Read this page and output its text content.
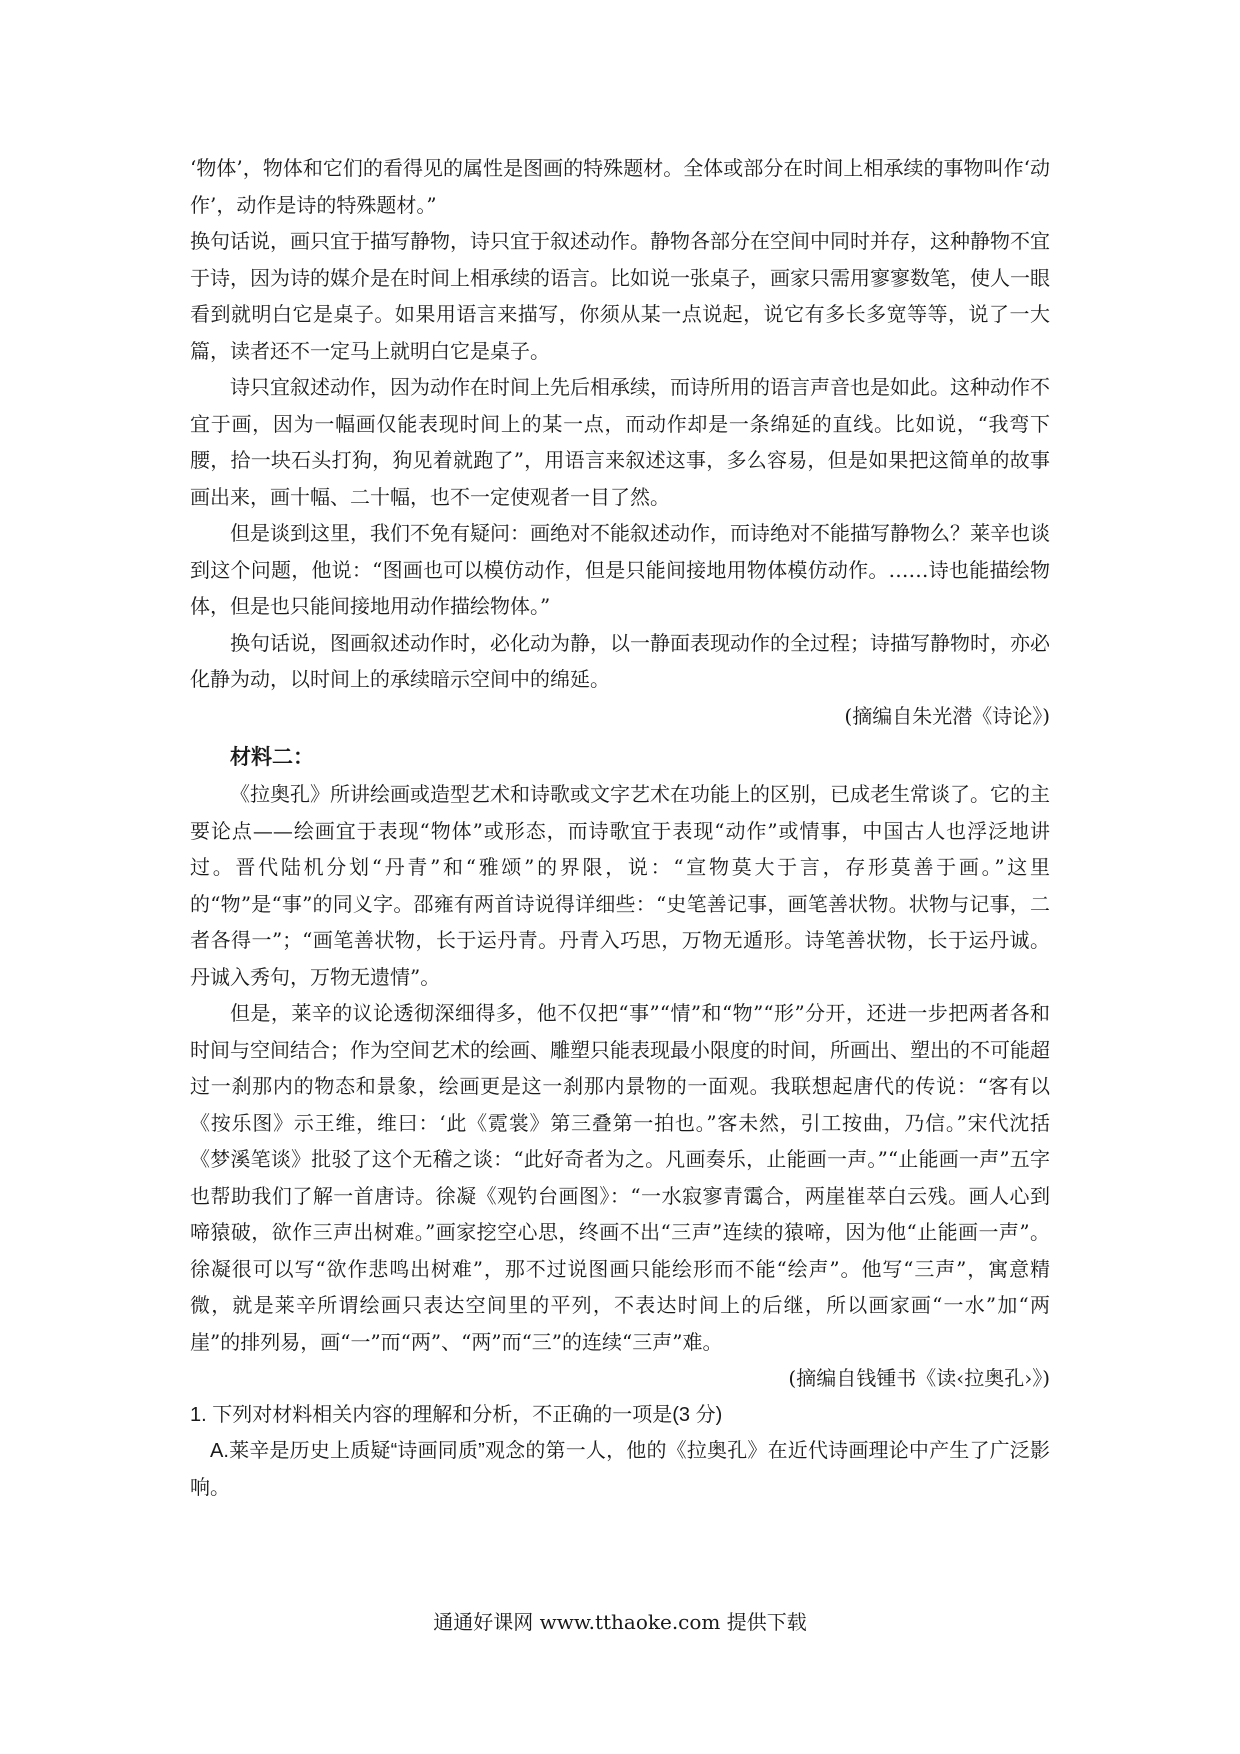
‘物体’，物体和它们的看得见的属性是图画的特殊题材。全体或部分在时间上相承续的事物叫作‘动作’，动作是诗的特殊题材。”

换句话说，画只宜于描写静物，诗只宜于叙述动作。静物各部分在空间中同时并存，这种静物不宜于诗，因为诗的媒介是在时间上相承续的语言。比如说一张桌子，画家只需用寥寥数笔，使人一眼看到就明白它是桌子。如果用语言来描写，你须从某一点说起，说它有多长多宽等等，说了一大篇，读者还不一定马上就明白它是桌子。

诗只宜叙述动作，因为动作在时间上先后相承续，而诗所用的语言声音也是如此。这种动作不宜于画，因为一幅画仅能表现时间上的某一点，而动作却是一条绵延的直线。比如说，“我弯下腰，拾一块石头打狗，狗见着就跑了”，用语言来叙述这事，多么容易，但是如果把这简单的故事画出来，画十幅、二十幅，也不一定使观者一目了然。

但是谈到这里，我们不免有疑问：画绝对不能叙述动作，而诗绝对不能描写静物么？莱辛也谈到这个问题，他说：“图画也可以模仿动作，但是只能间接地用物体模仿动作。……诗也能描绘物体，但是也只能间接地用动作描绘物体。”

换句话说，图画叙述动作时，必化动为静，以一静面表现动作的全过程；诗描写静物时，亦必化静为动，以时间上的承续暗示空间中的绵延。

(摘编自朱光潜《诗论》)

材料二：

《拉奥孔》所讲绘画或造型艺术和诗歌或文字艺术在功能上的区别，已成老生常谈了。它的主要论点——绘画宜于表现“物体”或形态，而诗歌宜于表现“动作”或情事，中国古人也浮泛地讲过。晋代陆机分划“丹青”和“雅颂”的界限，说：“宣物莫大于言，存形莫善于画。”这里的“物”是“事”的同义字。邵雍有两首诗说得详细些：“史笔善记事，画笔善状物。状物与记事，二者各得一”；“画笔善状物，长于运丹青。丹青入巧思，万物无遁形。诗笔善状物，长于运丹诚。丹诚入秀句，万物无遗情”。

但是，莱辛的议论透彻深细得多，他不仅把“事”“情”和“物”“形”分开，还进一步把两者各和时间与空间结合；作为空间艺术的绘画、雕塑只能表现最小限度的时间，所画出、塑出的不可能超过一刹那内的物态和景象，绘画更是这一刹那内景物的一面观。我联想起唐代的传说：“客有以《按乐图》示王维，维曰：‘此《霓裳》第三叠第一拍也。”客未然，引工按曲，乃信。”宋代沈括《梦溪笔谈》批驳了这个无稽之谈：“此好奇者为之。凡画奏乐，止能画一声。”“止能画一声”五字也帮助我们了解一首唐诗。徐凝《观钓台画图》：“一水寂寥青霭合，两崖崔萃白云残。画人心到啼猿破，欲作三声出树难。”画家挖空心思，终画不出“三声”连续的猿啼，因为他“止能画一声”。徐凝很可以写“欲作悲鸣出树难”，那不过说图画只能绘形而不能“绘声”。他写“三声”，寓意精微，就是莱辛所谓绘画只表达空间里的平列，不表达时间上的后继，所以画家画“一水”加“两崖”的排列易，画“一”而“两”、“两”而“三”的连续“三声”难。

(摘编自钱锺书《读‹拉奥孔›》)

1. 下列对材料相关内容的理解和分析，不正确的一项是(3 分)

A.莱辛是历史上质疑“诗画同质”观念的第一人，他的《拉奥孔》在近代诗画理论中产生了广泛影响。

通通好课网 www.tthaoke.com 提供下载
